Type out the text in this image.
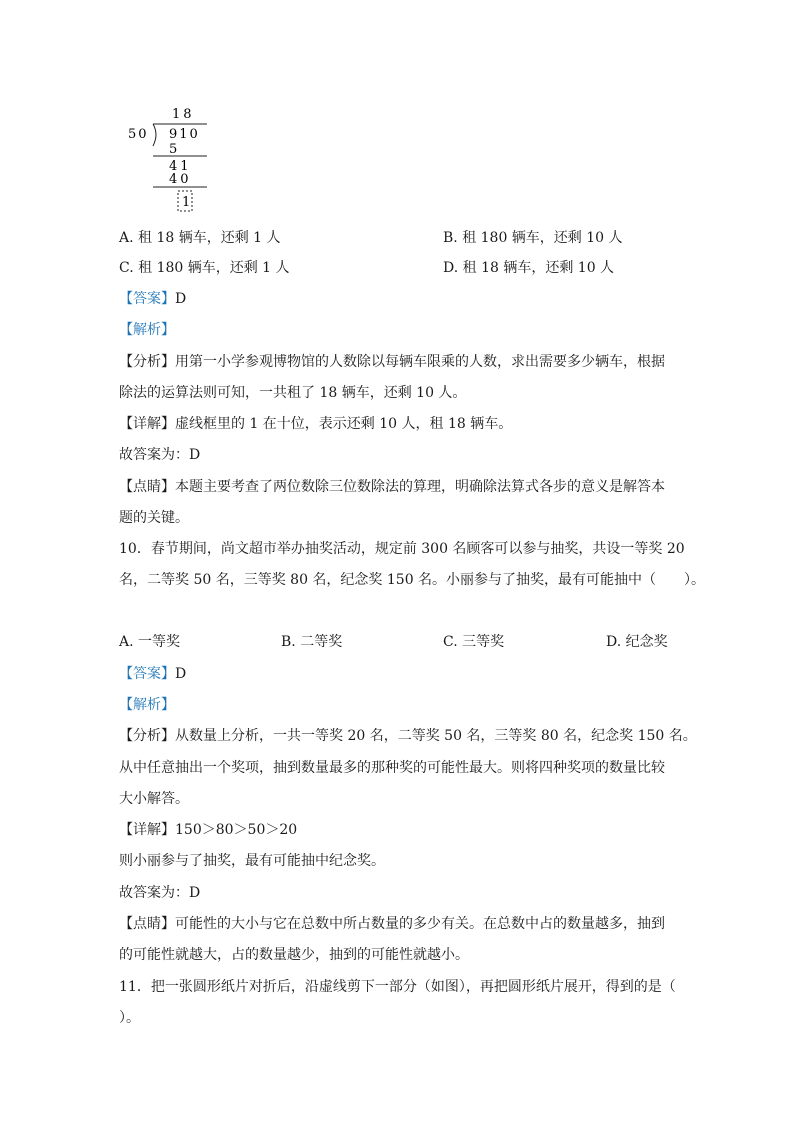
18
50 910
5
41
40
1
A. 租 18 辆车，还剩 1 人	B. 租 180 辆车，还剩 10 人
C. 租 180 辆车，还剩 1 人	D. 租 18 辆车，还剩 10 人
【答案】D
【解析】
【分析】用第一小学参观博物馆的人数除以每辆车限乘的人数，求出需要多少辆车，根据
除法的运算法则可知，一共租了 18 辆车，还剩 10 人。
【详解】虚线框里的 1 在十位，表示还剩 10 人，租 18 辆车。
故答案为：D
【点睛】本题主要考查了两位数除三位数除法的算理，明确除法算式各步的意义是解答本
题的关键。
10．春节期间，尚文超市举办抽奖活动，规定前 300 名顾客可以参与抽奖，共设一等奖 20
名，二等奖 50 名，三等奖 80 名，纪念奖 150 名。小丽参与了抽奖，最有可能抽中（　　）。
A. 一等奖	B. 二等奖	C. 三等奖	D. 纪念奖
【答案】D
【解析】
【分析】从数量上分析，一共一等奖 20 名，二等奖 50 名，三等奖 80 名，纪念奖 150 名。
从中任意抽出一个奖项，抽到数量最多的那种奖的可能性最大。则将四种奖项的数量比较
大小解答。
【详解】150＞80＞50＞20
则小丽参与了抽奖，最有可能抽中纪念奖。
故答案为：D
【点睛】可能性的大小与它在总数中所占数量的多少有关。在总数中占的数量越多，抽到
的可能性就越大，占的数量越少，抽到的可能性就越小。
11．把一张圆形纸片对折后，沿虚线剪下一部分（如图），再把圆形纸片展开，得到的是（
）。
